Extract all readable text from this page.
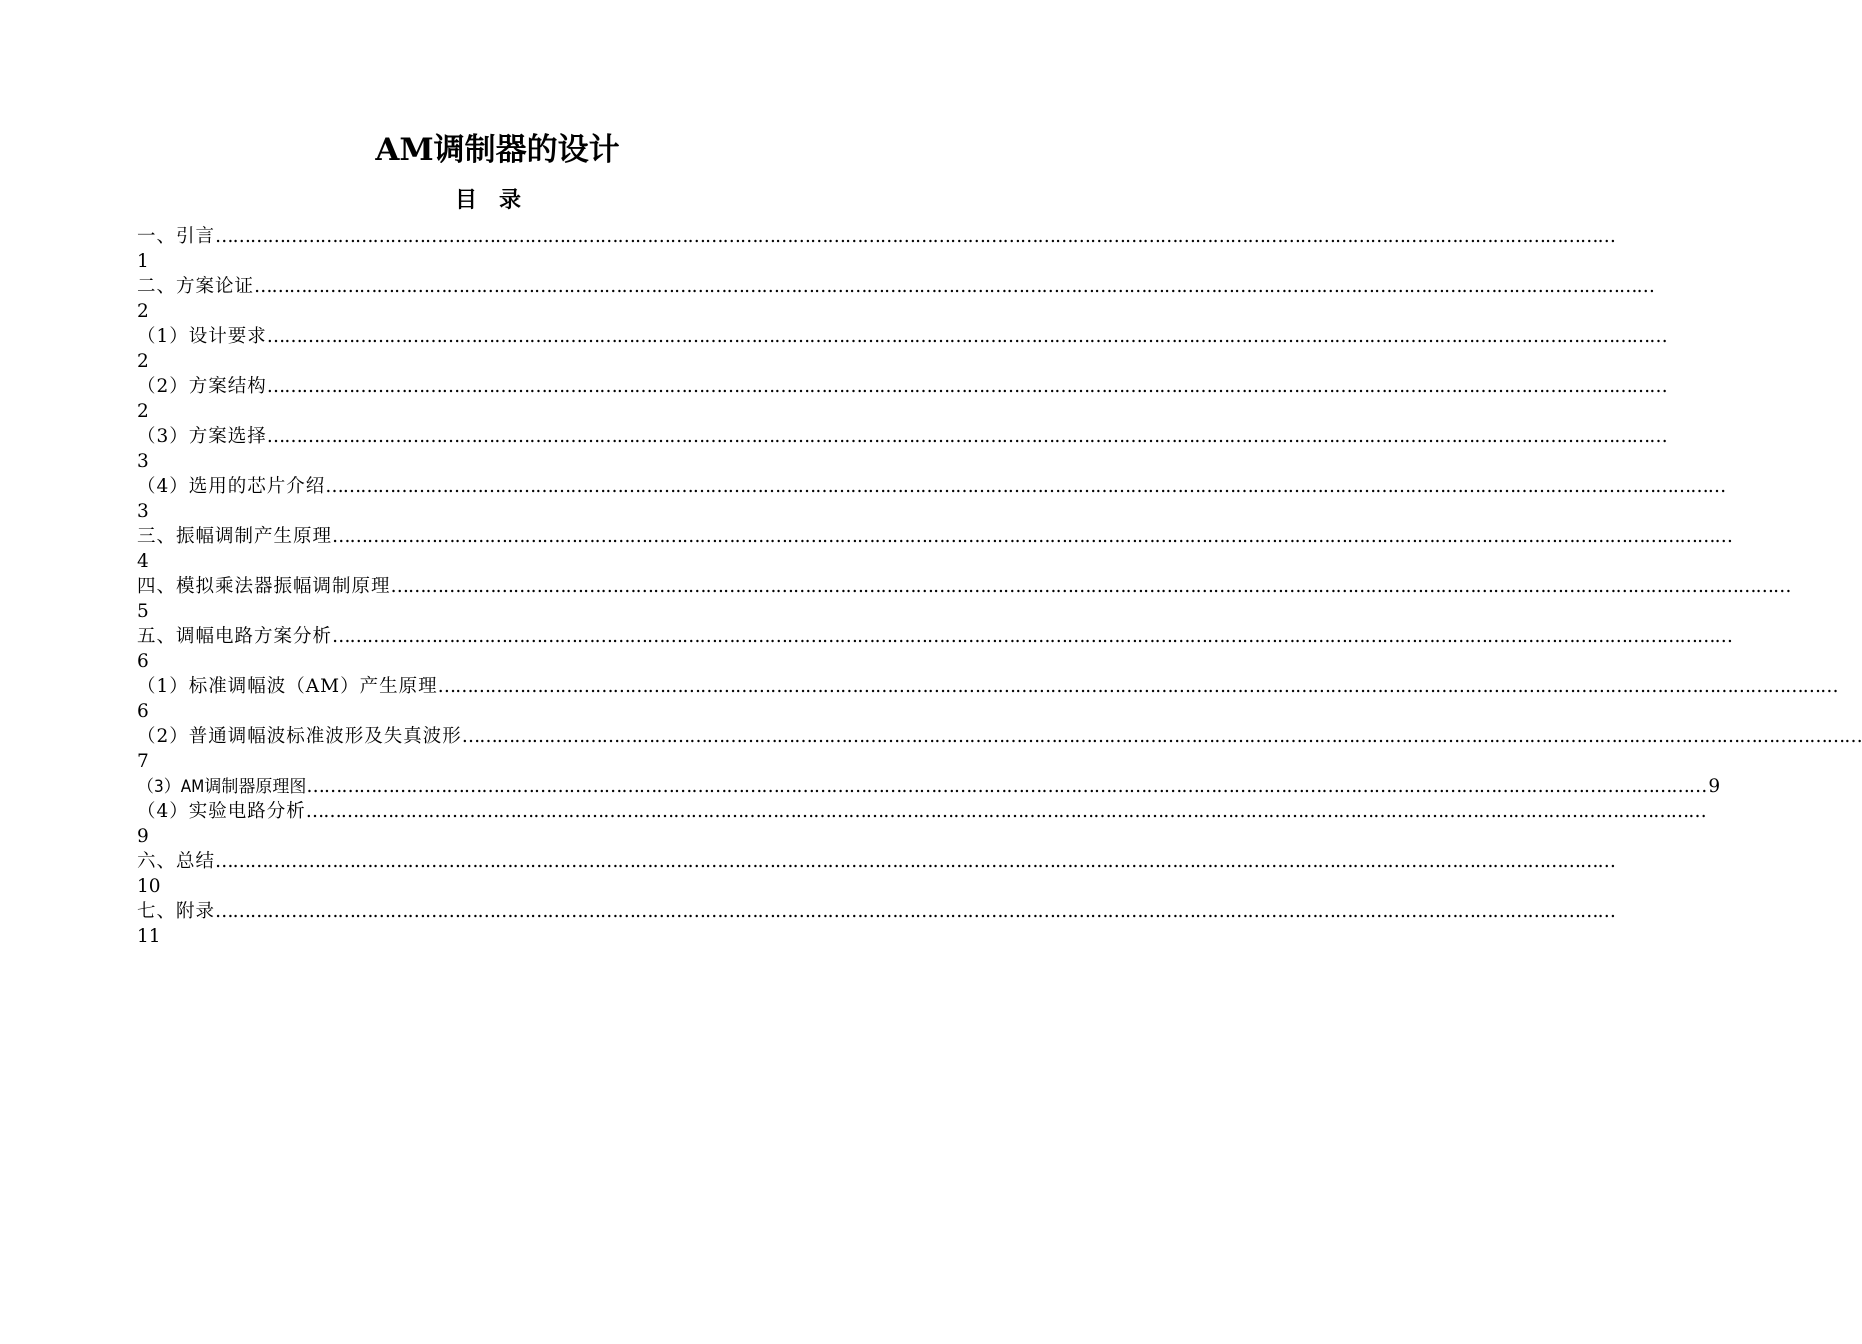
AM调制器的设计
目录
一、引言 ……………………………………………………………………………………………………………………………………………………………………………………………………………………
1
二、方案论证 ……………………………………………………………………………………………………………………………………………………………………………………………………………………
2
（1）设计要求 ……………………………………………………………………………………………………………………………………………………………………………………………………………………
2
（2）方案结构 ……………………………………………………………………………………………………………………………………………………………………………………………………………………
2
（3）方案选择 ……………………………………………………………………………………………………………………………………………………………………………………………………………………
3
（4）选用的芯片介绍 ……………………………………………………………………………………………………………………………………………………………………………………………………………………
3
三、振幅调制产生原理 ……………………………………………………………………………………………………………………………………………………………………………………………………………………
4
四、模拟乘法器振幅调制原理 ……………………………………………………………………………………………………………………………………………………………………………………………………………………
5
五、调幅电路方案分析 ……………………………………………………………………………………………………………………………………………………………………………………………………………………
6
（1）标准调幅波（AM）产生原理 ……………………………………………………………………………………………………………………………………………………………………………………………………………………
6
（2）普通调幅波标准波形及失真波形 ……………………………………………………………………………………………………………………………………………………………………………………………………………………
7
（3）AM调制器原理图 …………………………………………………………………………………………………………………………………………………………………………………………………………………… 9
（4）实验电路分析 ……………………………………………………………………………………………………………………………………………………………………………………………………………………
9
六、总结 ……………………………………………………………………………………………………………………………………………………………………………………………………………………
10
七、附录 ……………………………………………………………………………………………………………………………………………………………………………………………………………………
11
